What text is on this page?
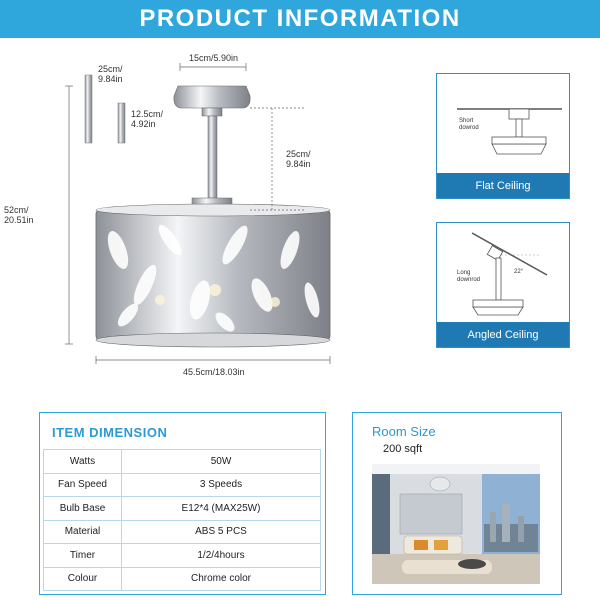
PRODUCT INFORMATION
25cm/
9.84in
12.5cm/
4.92in
15cm/5.90in
25cm/
9.84in
52cm/
20.51in
45.5cm/18.03in
Short
dowrod
Flat Ceiling
Long
downrod
22°
Angled Ceiling
ITEM DIMENSION
Watts	50W
Fan Speed	3 Speeds
Bulb Base	E12*4 (MAX25W)
Material	ABS 5 PCS
Timer	1/2/4hours
Colour	Chrome color
Room Size
200 sqft
